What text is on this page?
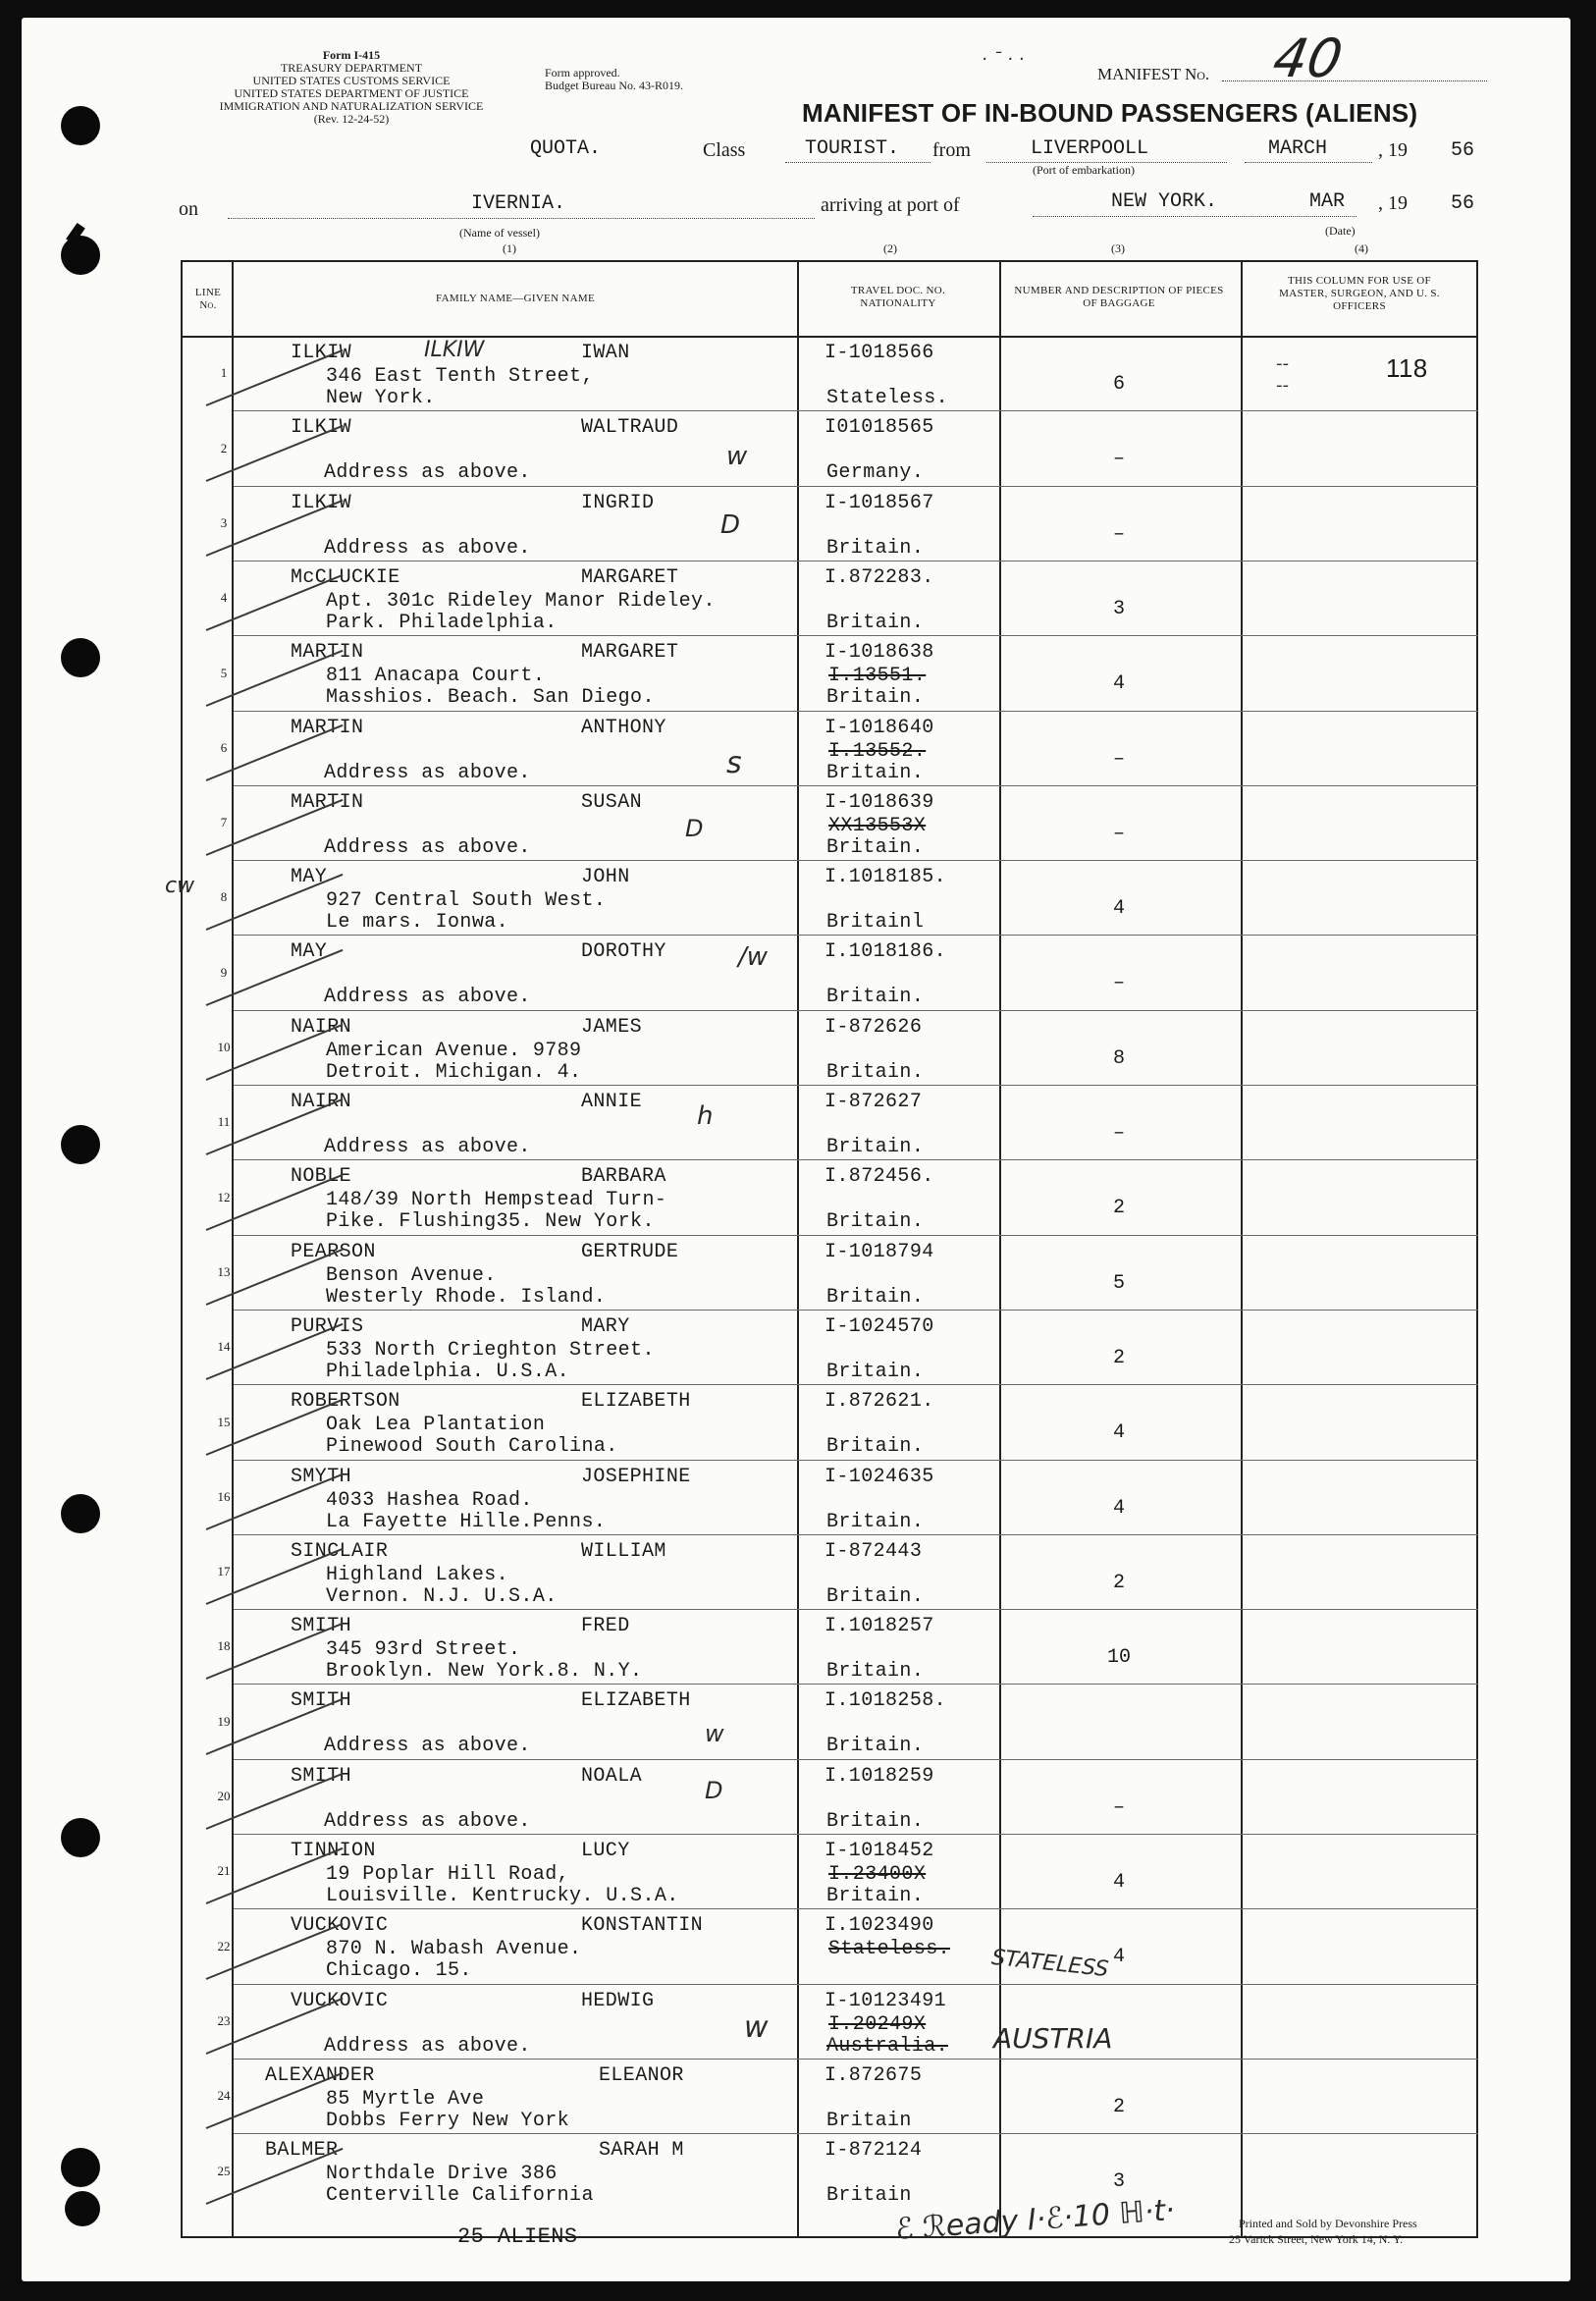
Form I-415
TREASURY DEPARTMENT
UNITED STATES CUSTOMS SERVICE
UNITED STATES DEPARTMENT OF JUSTICE
IMMIGRATION AND NATURALIZATION SERVICE
(Rev. 12-24-52)
Form approved.
Budget Bureau No. 43-R019.
MANIFEST No. 40
MANIFEST OF IN-BOUND PASSENGERS (ALIENS)
· ¯ · ·
QUOTA.	Class	TOURIST. from	LIVERPOOLL
(Port of embarkation)
MARCH	, 19 56
on	IVERNIA.
(Name of vessel)
(1)
arriving at port of	NEW YORK.
(2)
MAR
(3)
, 19 56
(Date)
(4)
LINE No.
FAMILY NAME—GIVEN NAME
TRAVEL DOC. NO. NATIONALITY
NUMBER AND DESCRIPTION OF PIECES OF BAGGAGE
THIS COLUMN FOR USE OF MASTER, SURGEON, AND U. S. OFFICERS
1
ILKIW	IWAN
346 East Tenth Street,
New York.
I-1018566
Stateless.
6
2
ILKIW	WALTRAUD
Address as above.
I01018565
Germany.
–
3
ILKIW	INGRID
Address as above.
I-1018567
Britain.
–
4
McCLUCKIE	MARGARET
Apt. 301c Rideley Manor Rideley.
Park. Philadelphia.
I.872283.
Britain.
3
5
MARTIN	MARGARET
811 Anacapa Court.
Masshios. Beach. San Diego.
I-1018638
I.13551.
Britain.
4
6
MARTIN	ANTHONY
Address as above.
I-1018640
I.13552.
Britain.
–
7
MARTIN	SUSAN
Address as above.
I-1018639
XX13553X
Britain.
–
8
MAY	JOHN
927 Central South West.
Le mars. Ionwa.
I.1018185.
Britainl
4
9
MAY	DOROTHY
Address as above.
I.1018186.
Britain.
–
10
NAIRN	JAMES
American Avenue. 9789
Detroit. Michigan. 4.
I-872626
Britain.
8
11
NAIRN	ANNIE
Address as above.
I-872627
Britain.
–
12
NOBLE	BARBARA
148/39 North Hempstead Turn-
Pike. Flushing35. New York.
I.872456.
Britain.
2
13
PEARSON	GERTRUDE
Benson Avenue.
Westerly Rhode. Island.
I-1018794
Britain.
5
14
PURVIS	MARY
533 North Crieghton Street.
Philadelphia. U.S.A.
I-1024570
Britain.
2
15
ROBERTSON	ELIZABETH
Oak Lea Plantation
Pinewood South Carolina.
I.872621.
Britain.
4
16
SMYTH	JOSEPHINE
4033 Hashea Road.
La Fayette Hille.Penns.
I-1024635
Britain.
4
17
SINCLAIR	WILLIAM
Highland Lakes.
Vernon. N.J. U.S.A.
I-872443
Britain.
2
18
SMITH	FRED
345 93rd Street.
Brooklyn. New York.8. N.Y.
I.1018257
Britain.
10
19
SMITH	ELIZABETH
Address as above.
I.1018258.
Britain.
20
SMITH	NOALA
Address as above.
I.1018259
Britain.
–
21
TINNION	LUCY
19 Poplar Hill Road,
Louisville. Kentrucky. U.S.A.
I-1018452
I.23400X
Britain.
4
22
VUCKOVIC	KONSTANTIN
870 N. Wabash Avenue.
Chicago. 15.
I.1023490
Stateless.	4
23
VUCKOVIC	HEDWIG
Address as above.
I-10123491
I.20249X
Australia.
24
ALEXANDER	ELEANOR
85 Myrtle Ave
Dobbs Ferry New York
I.872675
Britain
2
25
BALMER	SARAH M
Northdale Drive 386
Centerville California
I-872124
Britain
3
118
--
--
ILKIW
STATELESS
AUSTRIA
w
D
s
D
/w
h
w
D
w
cw
25 ALIENS
Printed and Sold by Devonshire Press
25 Varick Street, New York 14, N. Y.
ℰ ℛeady I·ℰ·10 ℍ·t·
